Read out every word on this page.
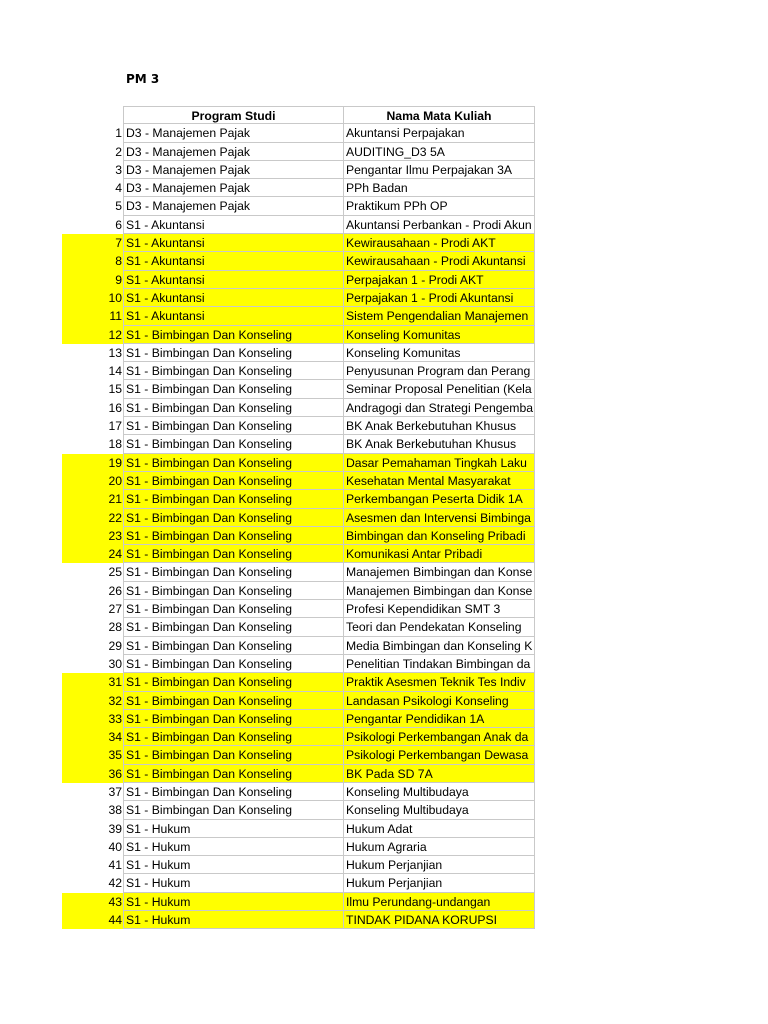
PM 3
Program Studi	Nama Mata Kuliah
1 D3 - Manajemen Pajak	Akuntansi Perpajakan
2 D3 - Manajemen Pajak	AUDITING_D3 5A
3 D3 - Manajemen Pajak	Pengantar Ilmu Perpajakan 3A
4 D3 - Manajemen Pajak	PPh Badan
5 D3 - Manajemen Pajak	Praktikum PPh OP
6 S1 - Akuntansi	Akuntansi Perbankan - Prodi Akun
7 S1 - Akuntansi	Kewirausahaan - Prodi AKT
8 S1 - Akuntansi	Kewirausahaan - Prodi Akuntansi
9 S1 - Akuntansi	Perpajakan 1 - Prodi AKT
10 S1 - Akuntansi	Perpajakan 1 - Prodi Akuntansi
11 S1 - Akuntansi	Sistem Pengendalian Manajemen
12 S1 - Bimbingan Dan Konseling	Konseling Komunitas
13 S1 - Bimbingan Dan Konseling	Konseling Komunitas
14 S1 - Bimbingan Dan Konseling	Penyusunan Program dan Perang
15 S1 - Bimbingan Dan Konseling	Seminar Proposal Penelitian (Kela
16 S1 - Bimbingan Dan Konseling	Andragogi dan Strategi Pengemba
17 S1 - Bimbingan Dan Konseling	BK Anak Berkebutuhan Khusus
18 S1 - Bimbingan Dan Konseling	BK Anak Berkebutuhan Khusus
19 S1 - Bimbingan Dan Konseling	Dasar Pemahaman Tingkah Laku
20 S1 - Bimbingan Dan Konseling	Kesehatan Mental Masyarakat
21 S1 - Bimbingan Dan Konseling	Perkembangan Peserta Didik 1A
22 S1 - Bimbingan Dan Konseling	Asesmen dan Intervensi Bimbinga
23 S1 - Bimbingan Dan Konseling	Bimbingan dan Konseling Pribadi
24 S1 - Bimbingan Dan Konseling	Komunikasi Antar Pribadi
25 S1 - Bimbingan Dan Konseling	Manajemen Bimbingan dan Konse
26 S1 - Bimbingan Dan Konseling	Manajemen Bimbingan dan Konse
27 S1 - Bimbingan Dan Konseling	Profesi Kependidikan SMT 3
28 S1 - Bimbingan Dan Konseling	Teori dan Pendekatan Konseling
29 S1 - Bimbingan Dan Konseling	Media Bimbingan dan Konseling K
30 S1 - Bimbingan Dan Konseling	Penelitian Tindakan Bimbingan da
31 S1 - Bimbingan Dan Konseling	Praktik Asesmen Teknik Tes Indiv
32 S1 - Bimbingan Dan Konseling	Landasan Psikologi Konseling
33 S1 - Bimbingan Dan Konseling	Pengantar Pendidikan 1A
34 S1 - Bimbingan Dan Konseling	Psikologi Perkembangan Anak da
35 S1 - Bimbingan Dan Konseling	Psikologi Perkembangan Dewasa
36 S1 - Bimbingan Dan Konseling	BK Pada SD 7A
37 S1 - Bimbingan Dan Konseling	Konseling Multibudaya
38 S1 - Bimbingan Dan Konseling	Konseling Multibudaya
39 S1 - Hukum	Hukum Adat
40 S1 - Hukum	Hukum Agraria
41 S1 - Hukum	Hukum Perjanjian
42 S1 - Hukum	Hukum Perjanjian
43 S1 - Hukum	Ilmu Perundang-undangan
44 S1 - Hukum	TINDAK PIDANA KORUPSI
